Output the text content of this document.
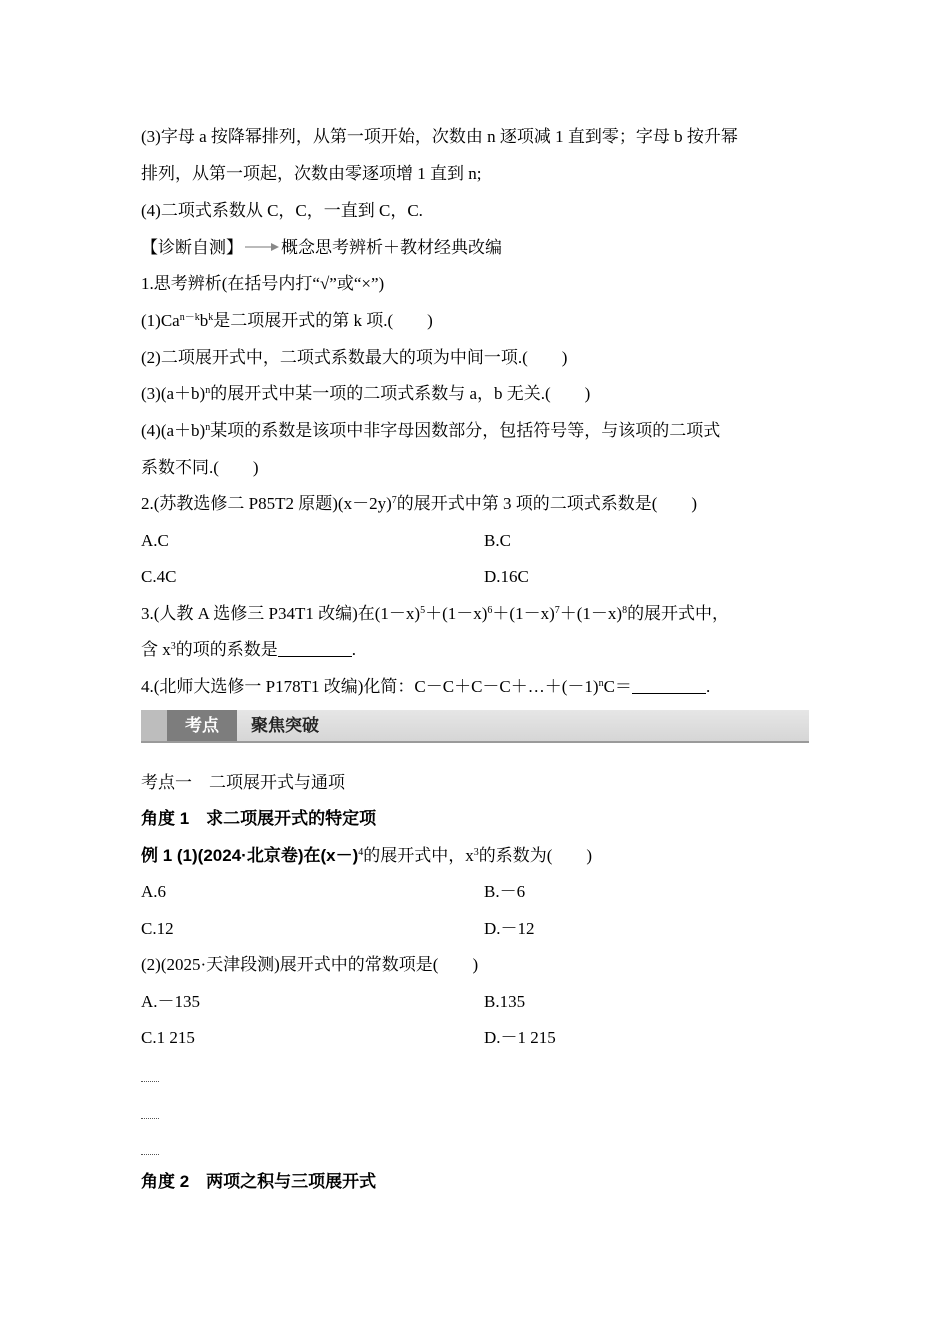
(3)字母 a 按降幂排列，从第一项开始，次数由 n 逐项减 1 直到零；字母 b 按升幂
排列，从第一项起，次数由零逐项增 1 直到 n;
(4)二项式系数从 C，C，一直到 C，C.
【诊断自测】 概念思考辨析＋教材经典改编
1.思考辨析(在括号内打“√”或“×”)
$(1)Ca^{n-k}b^k$是二项展开式的第 k 项.(　　)
(2)二项展开式中，二项式系数最大的项为中间一项.(　　)
$(3)(a+b)^n$的展开式中某一项的二项式系数与 a，b 无关.(　　)
$(4)(a+b)^n$某项的系数是该项中非字母因数部分，包括符号等，与该项的二项式
系数不同.(　　)
2.(苏教选修二 P85T2 原题)$(x-2y)^7$的展开式中第 3 项的二项式系数是(　　)
A.C	B.C
C.4C	D.16C
3.(人教 A 选修三 P34T1 改编)在$(1-x)^5+(1-x)^6+(1-x)^7+(1-x)^8$的展开式中，
含 $x^3$的项的系数是	.
4.(北师大选修一 P178T1 改编)化简：$C-C+C-C+\dots+(-1)^nC=$	.
考点	聚焦突破
考点一　二项展开式与通项
角度 1　求二项展开式的特定项
例 1 (1)(2024·北京卷)在$(x-)^4$的展开式中，$x^3$的系数为(　　)
A.6	B.－6
C.12	D.－12
(2)(2025·天津段测)展开式中的常数项是(　　)
A.－135	B.135
C.1 215	D.－1 215
角度 2　两项之积与三项展开式
